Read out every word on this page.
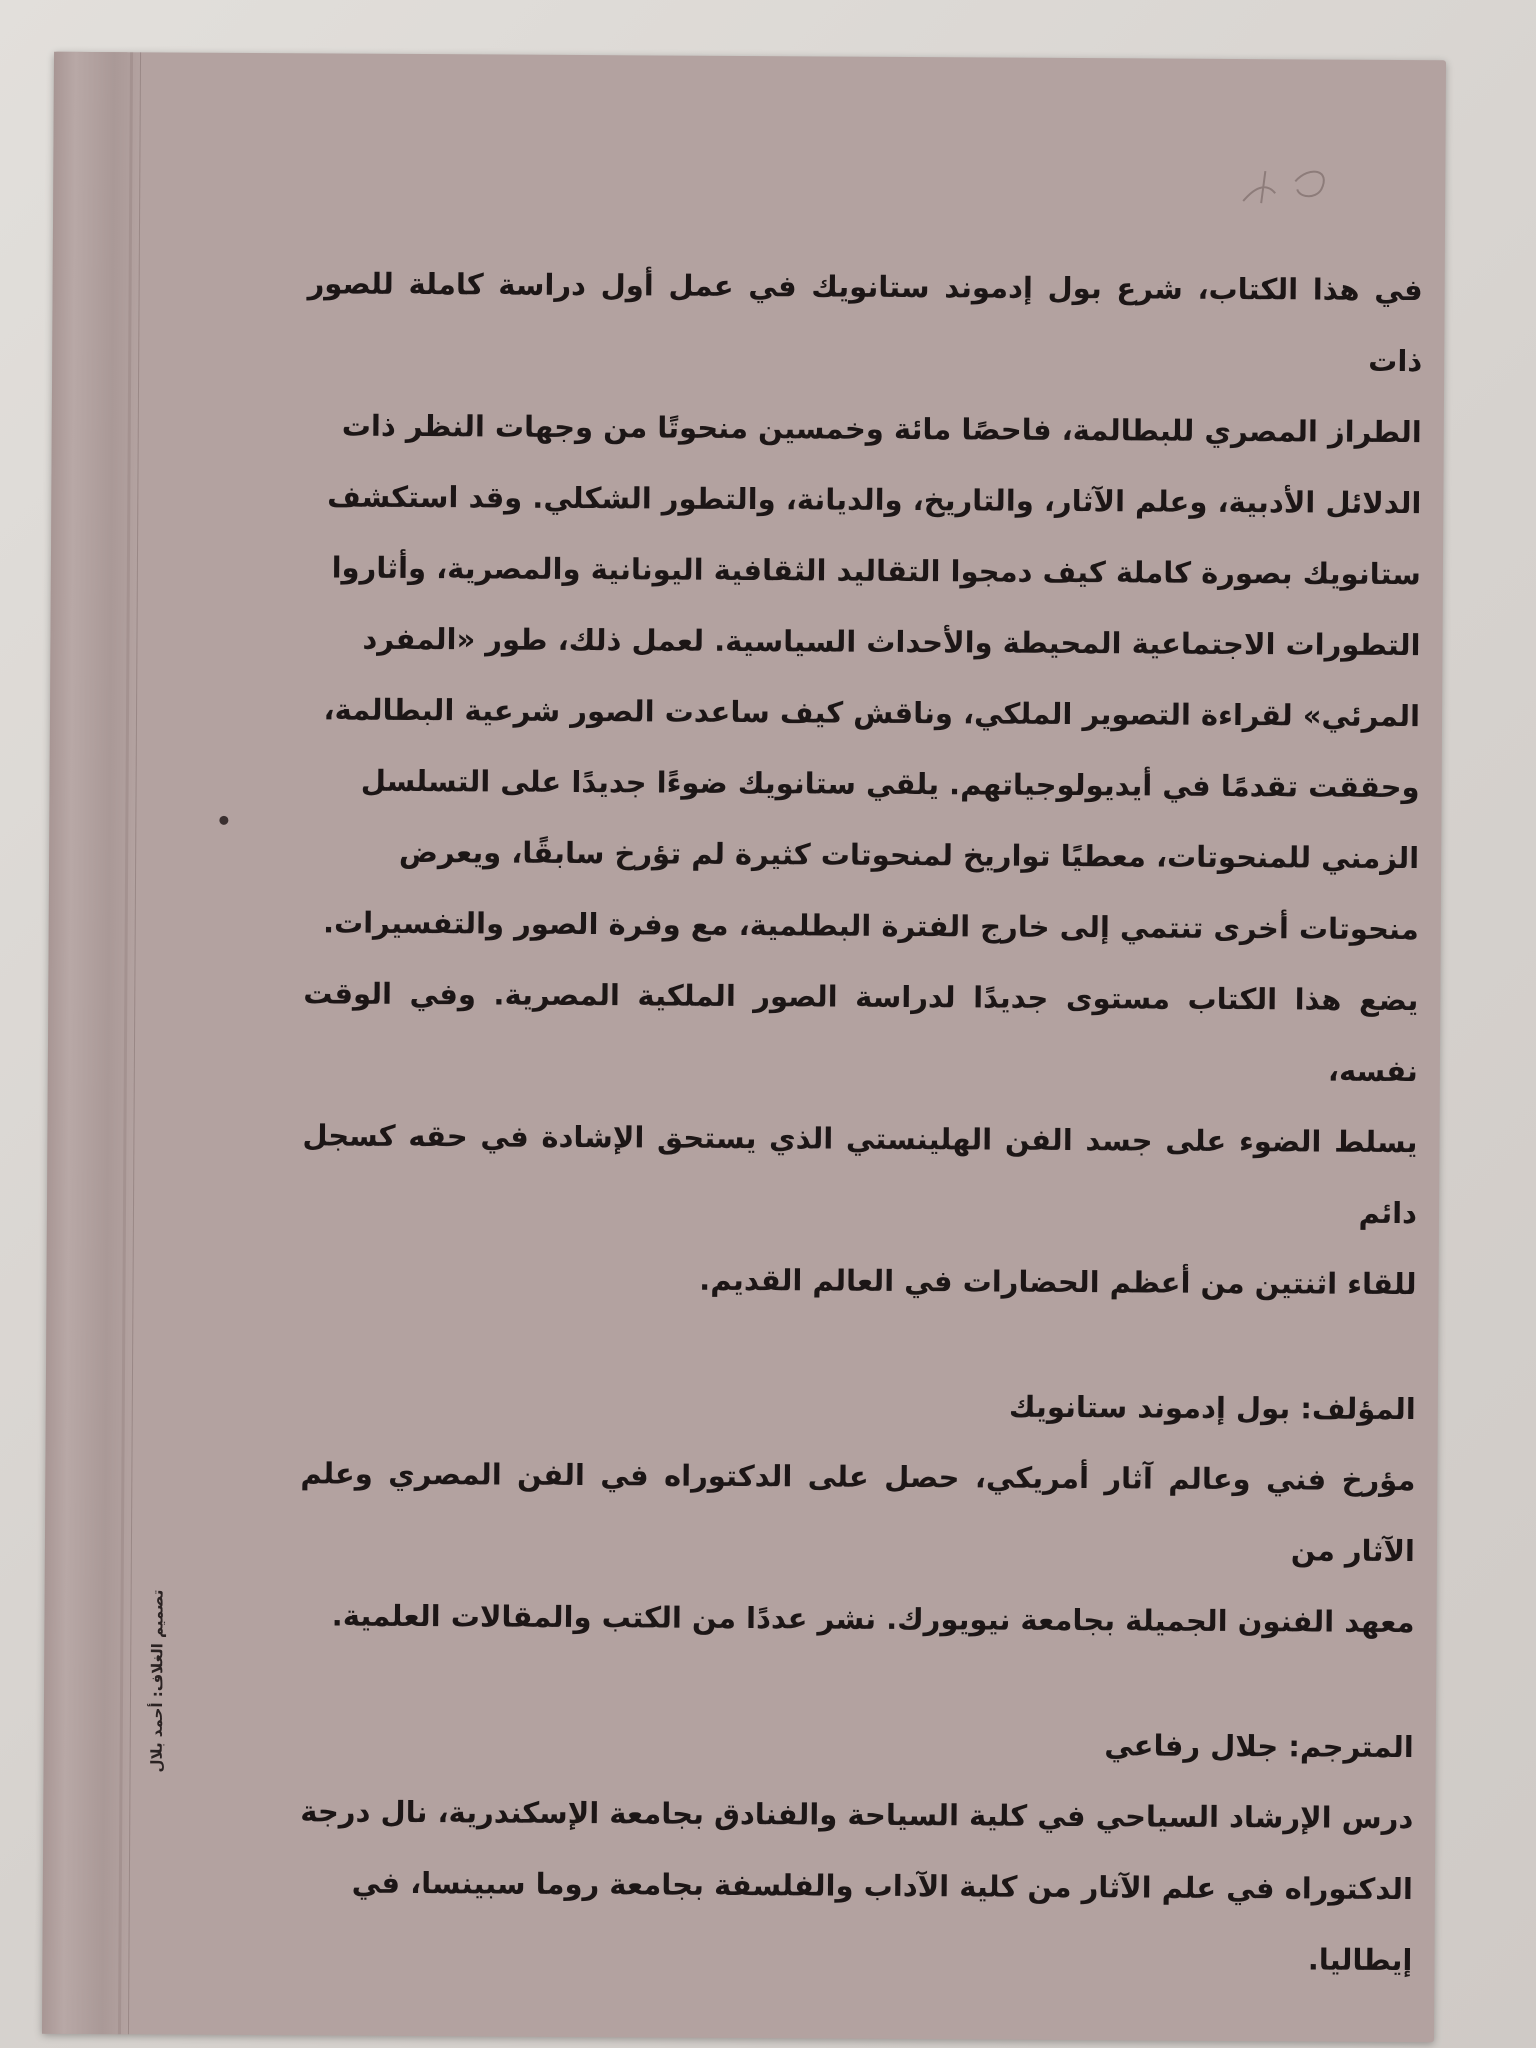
تصميم الغلاف: أحمد بلال

في هذا الكتاب، شرع بول إدموند ستانويك في عمل أول دراسة كاملة للصور ذات

الطراز المصري للبطالمة، فاحصًا مائة وخمسين منحوتًا من وجهات النظر ذات

الدلائل الأدبية، وعلم الآثار، والتاريخ، والديانة، والتطور الشكلي. وقد استكشف

ستانويك بصورة كاملة كيف دمجوا التقاليد الثقافية اليونانية والمصرية، وأثاروا

التطورات الاجتماعية المحيطة والأحداث السياسية. لعمل ذلك، طور «المفرد

المرئي» لقراءة التصوير الملكي، وناقش كيف ساعدت الصور شرعية البطالمة،

وحققت تقدمًا في أيديولوجياتهم. يلقي ستانويك ضوءًا جديدًا على التسلسل

الزمني للمنحوتات، معطيًا تواريخ لمنحوتات كثيرة لم تؤرخ سابقًا، ويعرض

منحوتات أخرى تنتمي إلى خارج الفترة البطلمية، مع وفرة الصور والتفسيرات.

يضع هذا الكتاب مستوى جديدًا لدراسة الصور الملكية المصرية. وفي الوقت نفسه،

يسلط الضوء على جسد الفن الهلينستي الذي يستحق الإشادة في حقه كسجل دائم

للقاء اثنتين من أعظم الحضارات في العالم القديم.

المؤلف: بول إدموند ستانويك

مؤرخ فني وعالم آثار أمريكي، حصل على الدكتوراه في الفن المصري وعلم الآثار من

معهد الفنون الجميلة بجامعة نيويورك. نشر عددًا من الكتب والمقالات العلمية.

المترجم: جلال رفاعي

درس الإرشاد السياحي في كلية السياحة والفنادق بجامعة الإسكندرية، نال درجة

الدكتوراه في علم الآثار من كلية الآداب والفلسفة بجامعة روما سبينسا، في

إيطاليا.
